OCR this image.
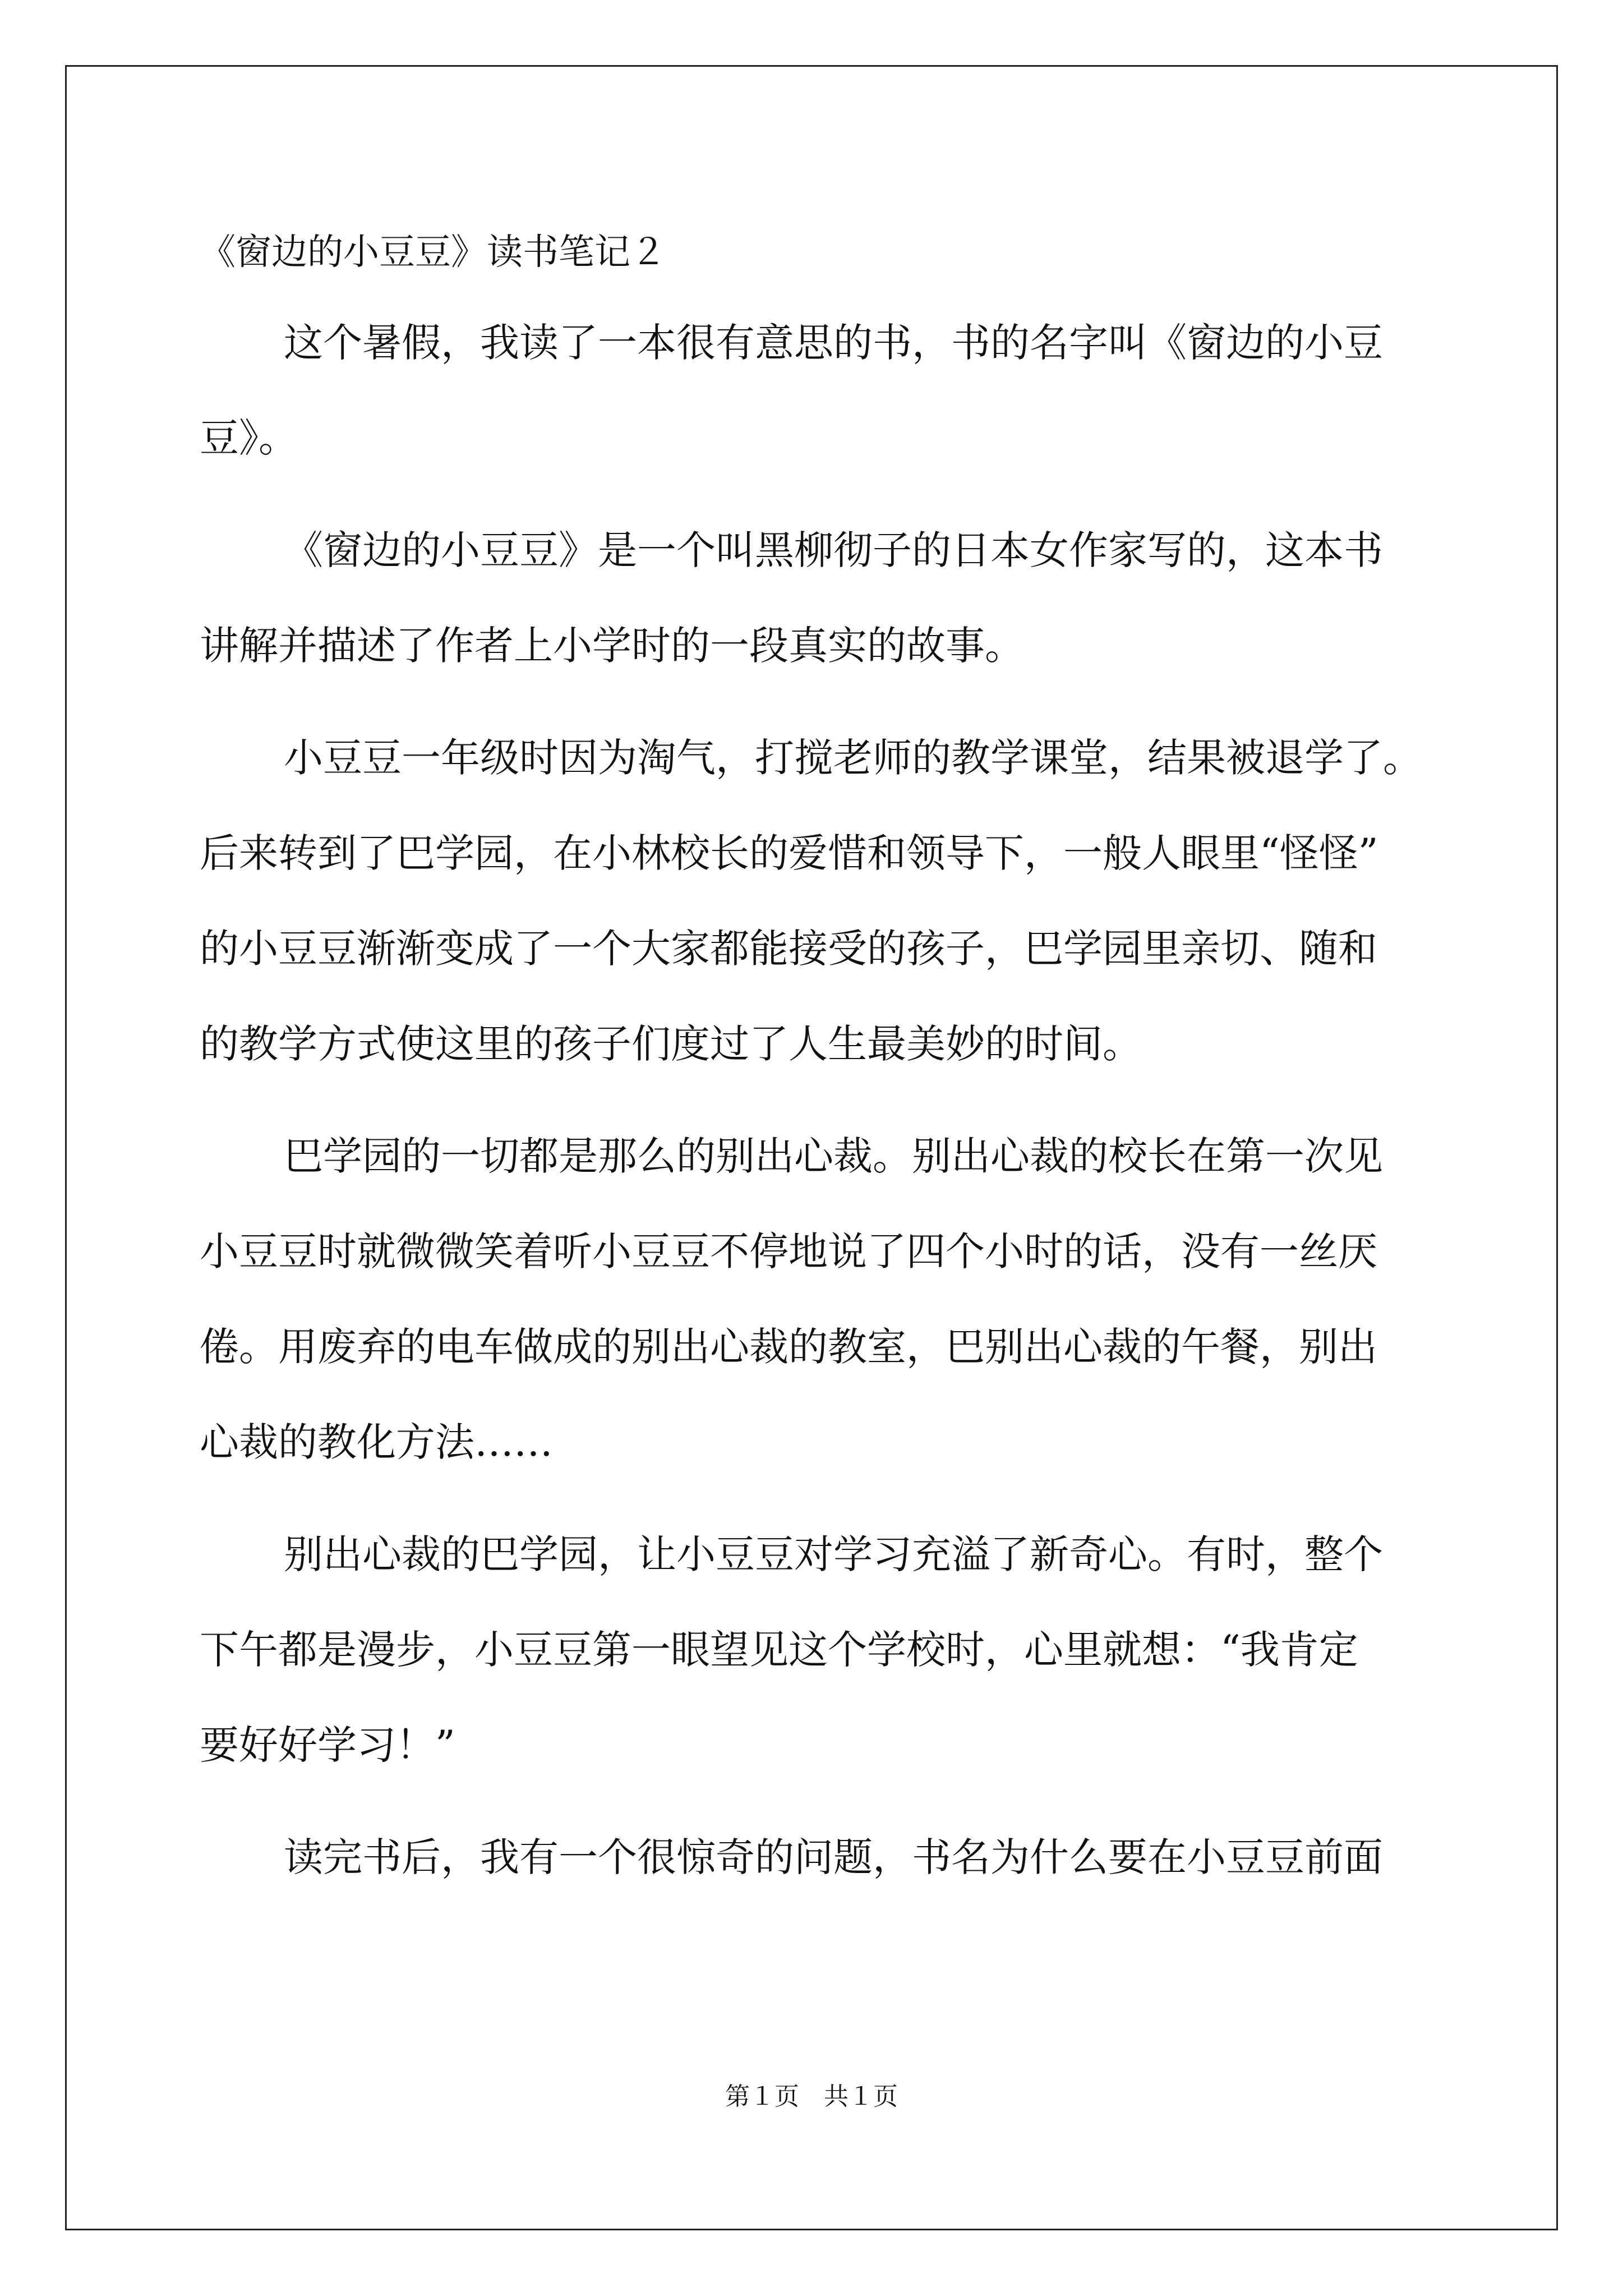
《窗边的小豆豆》读书笔记２
这个暑假，我读了一本很有意思的书，书的名字叫《窗边的小豆
豆》。
《窗边的小豆豆》是一个叫黑柳彻子的日本女作家写的，这本书
讲解并描述了作者上小学时的一段真实的故事。
小豆豆一年级时因为淘气，打搅老师的教学课堂，结果被退学了。
后来转到了巴学园，在小林校长的爱惜和领导下，一般人眼里“怪怪”
的小豆豆渐渐变成了一个大家都能接受的孩子，巴学园里亲切、随和
的教学方式使这里的孩子们度过了人生最美妙的时间。
巴学园的一切都是那么的别出心裁。别出心裁的校长在第一次见
小豆豆时就微微笑着听小豆豆不停地说了四个小时的话，没有一丝厌
倦。用废弃的电车做成的别出心裁的教室，巴别出心裁的午餐，别出
心裁的教化方法……
别出心裁的巴学园，让小豆豆对学习充溢了新奇心。有时，整个
下午都是漫步，小豆豆第一眼望见这个学校时，心里就想：“我肯定
要好好学习！”
读完书后，我有一个很惊奇的问题，书名为什么要在小豆豆前面
第１页 共１页
